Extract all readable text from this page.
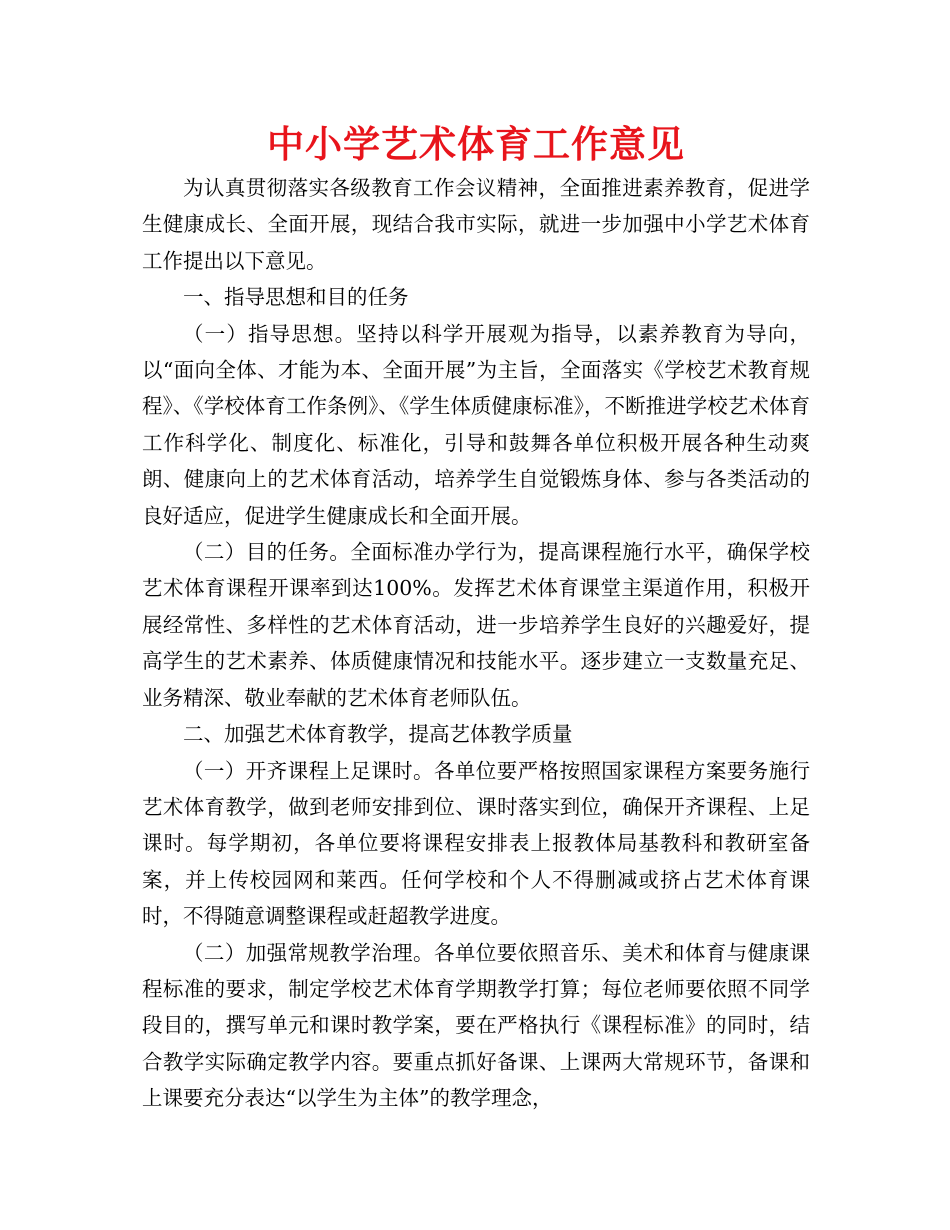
中小学艺术体育工作意见

为认真贯彻落实各级教育工作会议精神，全面推进素养教育，促进学生健康成长、全面开展，现结合我市实际，就进一步加强中小学艺术体育工作提出以下意见。

一、指导思想和目的任务

（一）指导思想。坚持以科学开展观为指导，以素养教育为导向，以“面向全体、才能为本、全面开展”为主旨，全面落实《学校艺术教育规程》、《学校体育工作条例》、《学生体质健康标准》，不断推进学校艺术体育工作科学化、制度化、标准化，引导和鼓舞各单位积极开展各种生动爽朗、健康向上的艺术体育活动，培养学生自觉锻炼身体、参与各类活动的良好适应，促进学生健康成长和全面开展。

（二）目的任务。全面标准办学行为，提高课程施行水平，确保学校艺术体育课程开课率到达100%。发挥艺术体育课堂主渠道作用，积极开展经常性、多样性的艺术体育活动，进一步培养学生良好的兴趣爱好，提高学生的艺术素养、体质健康情况和技能水平。逐步建立一支数量充足、业务精深、敬业奉献的艺术体育老师队伍。

二、加强艺术体育教学，提高艺体教学质量

（一）开齐课程上足课时。各单位要严格按照国家课程方案要务施行艺术体育教学，做到老师安排到位、课时落实到位，确保开齐课程、上足课时。每学期初，各单位要将课程安排表上报教体局基教科和教研室备案，并上传校园网和莱西。任何学校和个人不得删减或挤占艺术体育课时，不得随意调整课程或赶超教学进度。

（二）加强常规教学治理。各单位要依照音乐、美术和体育与健康课程标准的要求，制定学校艺术体育学期教学打算；每位老师要依照不同学段目的，撰写单元和课时教学案，要在严格执行《课程标准》的同时，结合教学实际确定教学内容。要重点抓好备课、上课两大常规环节，备课和上课要充分表达“以学生为主体”的教学理念，
